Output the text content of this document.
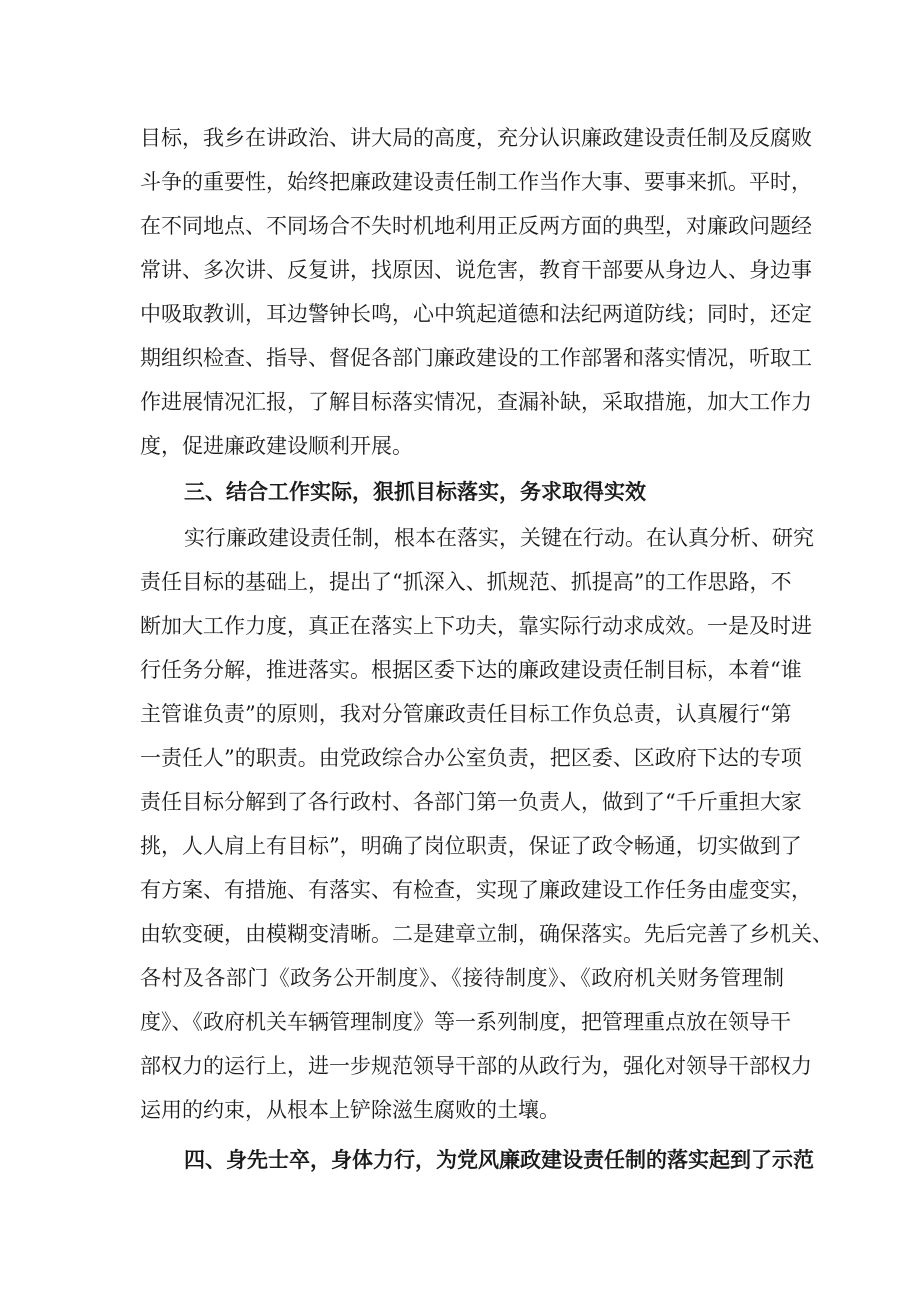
目标，我乡在讲政治、讲大局的高度，充分认识廉政建设责任制及反腐败
斗争的重要性，始终把廉政建设责任制工作当作大事、要事来抓。平时，
在不同地点、不同场合不失时机地利用正反两方面的典型，对廉政问题经
常讲、多次讲、反复讲，找原因、说危害，教育干部要从身边人、身边事
中吸取教训，耳边警钟长鸣，心中筑起道德和法纪两道防线；同时，还定
期组织检查、指导、督促各部门廉政建设的工作部署和落实情况，听取工
作进展情况汇报，了解目标落实情况，查漏补缺，采取措施，加大工作力
度，促进廉政建设顺利开展。
三、结合工作实际，狠抓目标落实，务求取得实效
实行廉政建设责任制，根本在落实，关键在行动。在认真分析、研究
责任目标的基础上，提出了“抓深入、抓规范、抓提高”的工作思路，不
断加大工作力度，真正在落实上下功夫，靠实际行动求成效。一是及时进
行任务分解，推进落实。根据区委下达的廉政建设责任制目标，本着“谁
主管谁负责”的原则，我对分管廉政责任目标工作负总责，认真履行“第
一责任人”的职责。由党政综合办公室负责，把区委、区政府下达的专项
责任目标分解到了各行政村、各部门第一负责人，做到了“千斤重担大家
挑，人人肩上有目标”，明确了岗位职责，保证了政令畅通，切实做到了
有方案、有措施、有落实、有检查，实现了廉政建设工作任务由虚变实，
由软变硬，由模糊变清晰。二是建章立制，确保落实。先后完善了乡机关、
各村及各部门《政务公开制度》、《接待制度》、《政府机关财务管理制
度》、《政府机关车辆管理制度》等一系列制度，把管理重点放在领导干
部权力的运行上，进一步规范领导干部的从政行为，强化对领导干部权力
运用的约束，从根本上铲除滋生腐败的土壤。
四、身先士卒，身体力行，为党风廉政建设责任制的落实起到了示范
